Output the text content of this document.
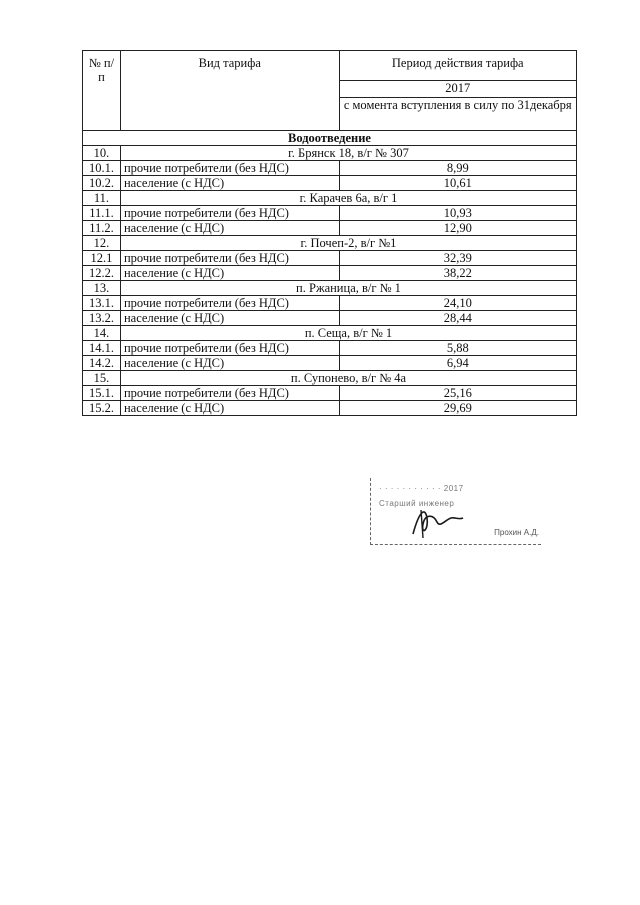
№ п/п	Вид тарифа	Период действия тарифа
		2017
		с момента вступления в силу по 31декабря
Водоотведение		
10.	г. Брянск 18, в/г № 307	
10.1.	прочие потребители (без НДС)	8,99
10.2.	население (с НДС)	10,61
11.	г. Карачев 6а, в/г 1	
11.1.	прочие потребители (без НДС)	10,93
11.2.	население (с НДС)	12,90
12.	г. Почеп-2, в/г №1	
12.1	прочие потребители (без НДС)	32,39
12.2.	население (с НДС)	38,22
13.	п. Ржаница, в/г № 1	
13.1.	прочие потребители (без НДС)	24,10
13.2.	население (с НДС)	28,44
14.	п. Сеща, в/г № 1	
14.1.	прочие потребители (без НДС)	5,88
14.2.	население (с НДС)	6,94
15.	п. Супонево, в/г № 4а	
15.1.	прочие потребители (без НДС)	25,16
15.2.	население (с НДС)	29,69
· · · · · · · · · · · 2017
Старший инженер
Прохин А.Д.
